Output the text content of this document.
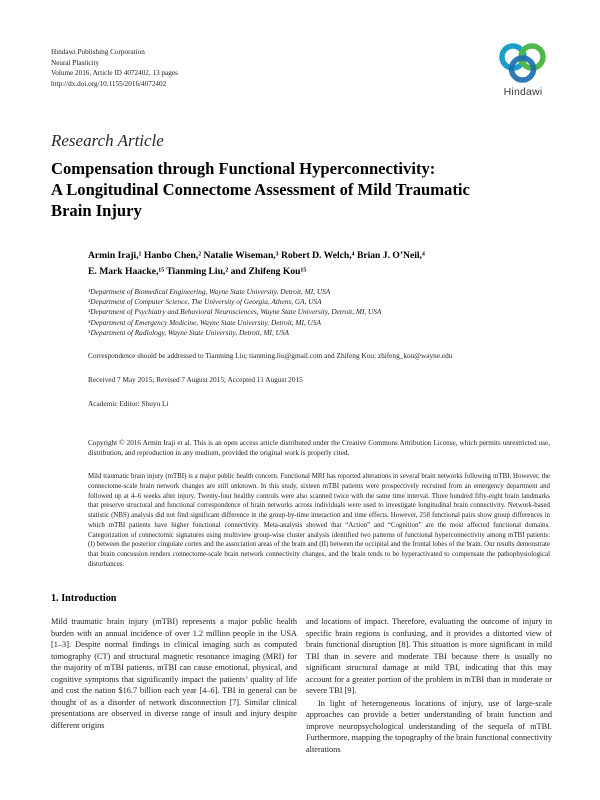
Hindawi Publishing Corporation
Neural Plasticity
Volume 2016, Article ID 4072402, 13 pages
http://dx.doi.org/10.1155/2016/4072402
Hindawi
Research Article
Compensation through Functional Hyperconnectivity:
A Longitudinal Connectome Assessment of Mild Traumatic
Brain Injury
Armin Iraji,¹ Hanbo Chen,² Natalie Wiseman,³ Robert D. Welch,⁴ Brian J. O’Neil,⁴
E. Mark Haacke,¹⁵ Tianming Liu,² and Zhifeng Kou¹⁵
¹Department of Biomedical Engineering, Wayne State University, Detroit, MI, USA
²Department of Computer Science, The University of Georgia, Athens, GA, USA
³Department of Psychiatry and Behavioral Neurosciences, Wayne State University, Detroit, MI, USA
⁴Department of Emergency Medicine, Wayne State University, Detroit, MI, USA
⁵Department of Radiology, Wayne State University, Detroit, MI, USA
Correspondence should be addressed to Tianming Liu; tianming.liu@gmail.com and Zhifeng Kou; zhifeng_kou@wayne.edu
Received 7 May 2015; Revised 7 August 2015; Accepted 11 August 2015
Academic Editor: Shuyu Li
Copyright © 2016 Armin Iraji et al. This is an open access article distributed under the Creative Commons Attribution License, which permits unrestricted use, distribution, and reproduction in any medium, provided the original work is properly cited.
Mild traumatic brain injury (mTBI) is a major public health concern. Functional MRI has reported alterations in several brain networks following mTBI. However, the connectome-scale brain network changes are still unknown. In this study, sixteen mTBI patients were prospectively recruited from an emergency department and followed up at 4–6 weeks after injury. Twenty-four healthy controls were also scanned twice with the same time interval. Three hundred fifty-eight brain landmarks that preserve structural and functional correspondence of brain networks across individuals were used to investigate longitudinal brain connectivity. Network-based statistic (NBS) analysis did not find significant difference in the group-by-time interaction and time effects. However, 258 functional pairs show group differences in which mTBI patients have higher functional connectivity. Meta-analysis showed that “Action” and “Cognition” are the most affected functional domains. Categorization of connectomic signatures using multiview group-wise cluster analysis identified two patterns of functional hyperconnectivity among mTBI patients: (I) between the posterior cingulate cortex and the association areas of the brain and (II) between the occipital and the frontal lobes of the brain. Our results demonstrate that brain concussion renders connectome-scale brain network connectivity changes, and the brain tends to be hyperactivated to compensate the pathophysiological disturbances.
1. Introduction

Mild traumatic brain injury (mTBI) represents a major public health burden with an annual incidence of over 1.2 million people in the USA [1–3]. Despite normal findings in clinical imaging such as computed tomography (CT) and structural magnetic resonance imaging (MRI) for the majority of mTBI patients, mTBI can cause emotional, physical, and cognitive symptoms that significantly impact the patients’ quality of life and cost the nation $16.7 billion each year [4–6]. TBI in general can be thought of as a disorder of network disconnection [7]. Similar clinical presentations are observed in diverse range of insult and injury despite different origins

and locations of impact. Therefore, evaluating the outcome of injury in specific brain regions is confusing, and it provides a distorted view of brain functional disruption [8]. This situation is more significant in mild TBI than in severe and moderate TBI because there is usually no significant structural damage at mild TBI, indicating that this may account for a greater portion of the problem in mTBI than in moderate or severe TBI [9].

In light of heterogeneous locations of injury, use of large-scale approaches can provide a better understanding of brain function and improve neuropsychological understanding of the sequela of mTBI. Furthermore, mapping the topography of the brain functional connectivity alterations
